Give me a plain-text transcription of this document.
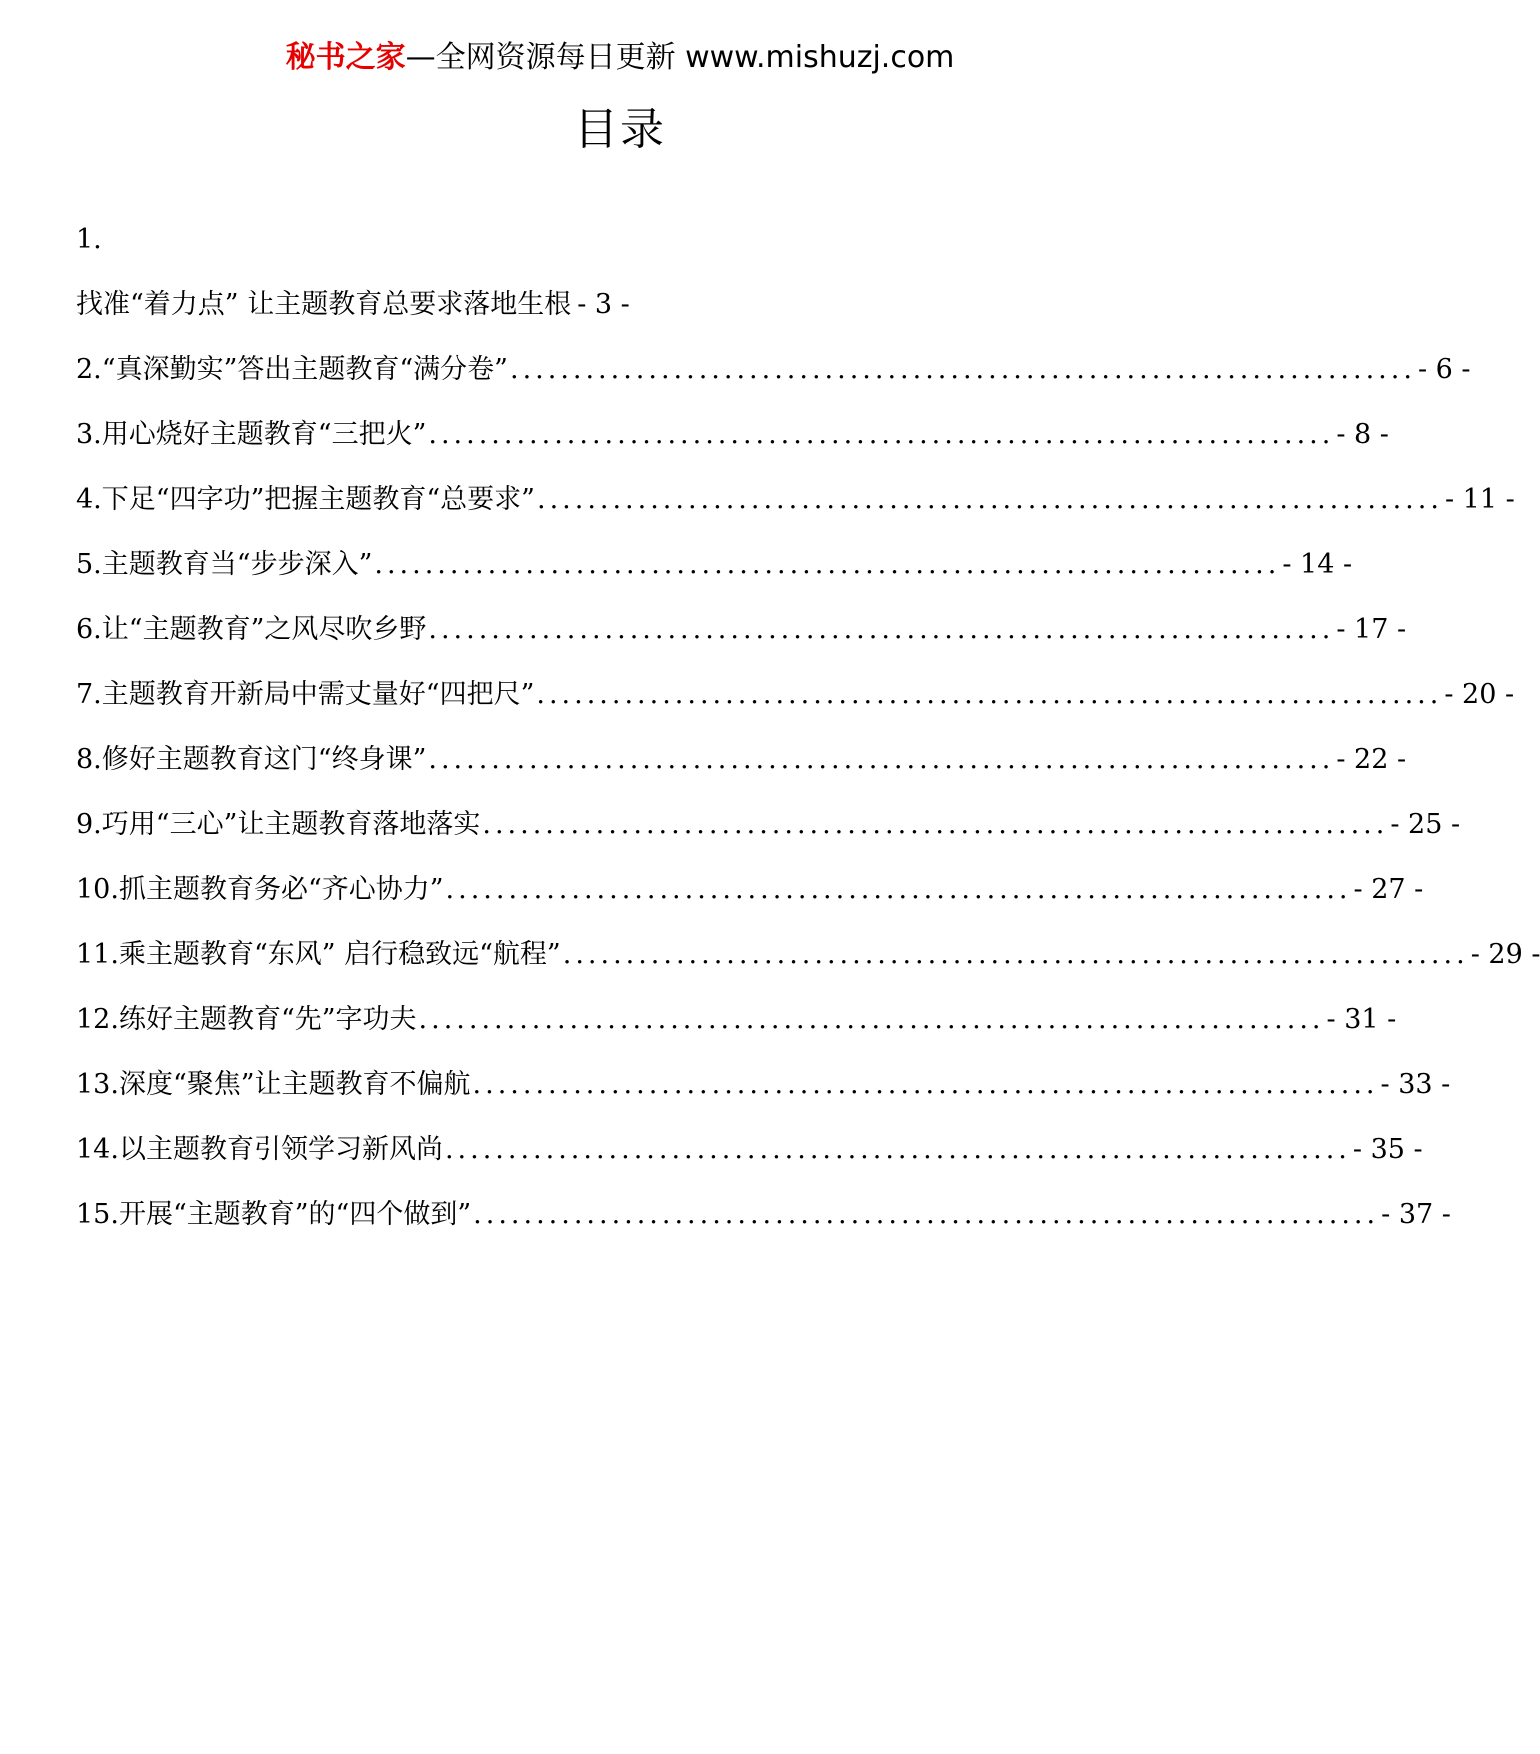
秘书之家—全网资源每日更新 www.mishuzj.com
目录
1.
找准“着力点” 让主题教育总要求落地生根 - 3 -
2.“真深勤实”答出主题教育“满分卷” ........................................................................ - 6 -
3.用心烧好主题教育“三把火” ........................................................................ - 8 -
4.下足“四字功”把握主题教育“总要求” ........................................................................ - 11 -
5.主题教育当“步步深入” ........................................................................ - 14 -
6.让“主题教育”之风尽吹乡野 ........................................................................ - 17 -
7.主题教育开新局中需丈量好“四把尺” ........................................................................ - 20 -
8.修好主题教育这门“终身课” ........................................................................ - 22 -
9.巧用“三心”让主题教育落地落实 ........................................................................ - 25 -
10.抓主题教育务必“齐心协力” ........................................................................ - 27 -
11.乘主题教育“东风” 启行稳致远“航程” ........................................................................ - 29 -
12.练好主题教育“先”字功夫 ........................................................................ - 31 -
13.深度“聚焦”让主题教育不偏航 ........................................................................ - 33 -
14.以主题教育引领学习新风尚 ........................................................................ - 35 -
15.开展“主题教育”的“四个做到” ........................................................................ - 37 -
